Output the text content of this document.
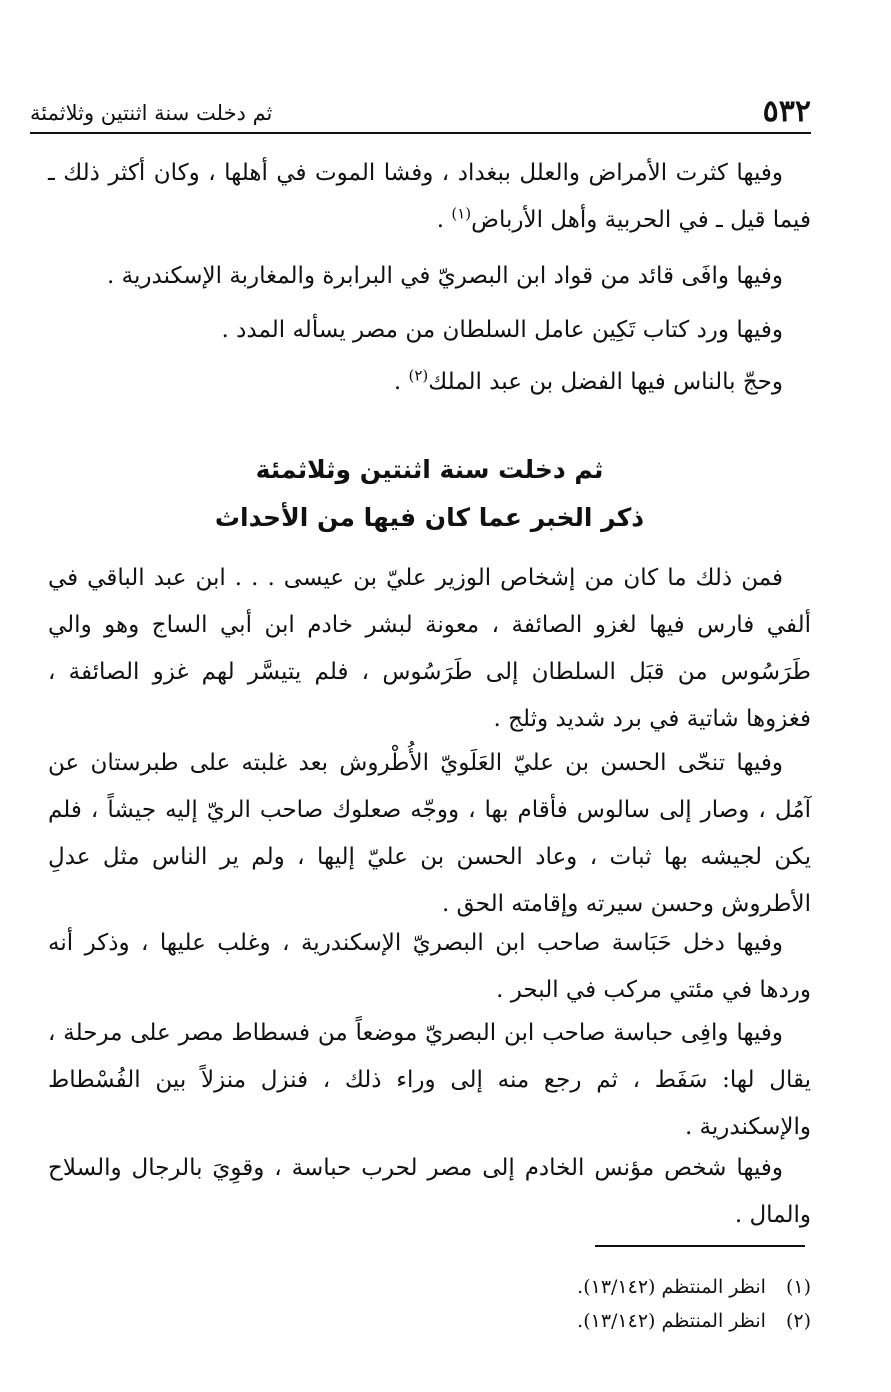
٥٣٢
ثم دخلت سنة اثنتين وثلاثمئة

وفيها كثرت الأمراض والعلل ببغداد ، وفشا الموت في أهلها ، وكان أكثر ذلك ـ فيما قيل ـ في الحربية وأهل الأرباض$^{(١)}$ .

وفيها وافَى قائد من قواد ابن البصريّ في البرابرة والمغاربة الإسكندرية .

وفيها ورد كتاب تَكِين عامل السلطان من مصر يسأله المدد .

وحجّ بالناس فيها الفضل بن عبد الملك$^{(٢)}$ .

ثم دخلت سنة اثنتين وثلاثمئة
ذكر الخبر عما كان فيها من الأحداث

فمن ذلك ما كان من إشخاص الوزير عليّ بن عيسى . . . ابن عبد الباقي في ألفي فارس فيها لغزو الصائفة ، معونة لبشر خادم ابن أبي الساج وهو والي طَرَسُوس من قبَل السلطان إلى طَرَسُوس ، فلم يتيسَّر لهم غزو الصائفة ، فغزوها شاتية في برد شديد وثلج .

وفيها تنحّى الحسن بن عليّ العَلَويّ الأُطْروش بعد غلبته على طبرستان عن آمُل ، وصار إلى سالوس فأقام بها ، ووجّه صعلوك صاحب الريّ إليه جيشاً ، فلم يكن لجيشه بها ثبات ، وعاد الحسن بن عليّ إليها ، ولم ير الناس مثل عدلِ الأطروش وحسن سيرته وإقامته الحق .

وفيها دخل حَبَاسة صاحب ابن البصريّ الإسكندرية ، وغلب عليها ، وذكر أنه وردها في مئتي مركب في البحر .

وفيها وافِى حباسة صاحب ابن البصريّ موضعاً من فسطاط مصر على مرحلة ، يقال لها: سَفَط ، ثم رجع منه إلى وراء ذلك ، فنزل منزلاً بين الفُسْطاط والإسكندرية .

وفيها شخص مؤنس الخادم إلى مصر لحرب حباسة ، وقوِيَ بالرجال والسلاح والمال .

(١)انظر المنتظم (١٣/١٤٢).
(٢)انظر المنتظم (١٣/١٤٢).
